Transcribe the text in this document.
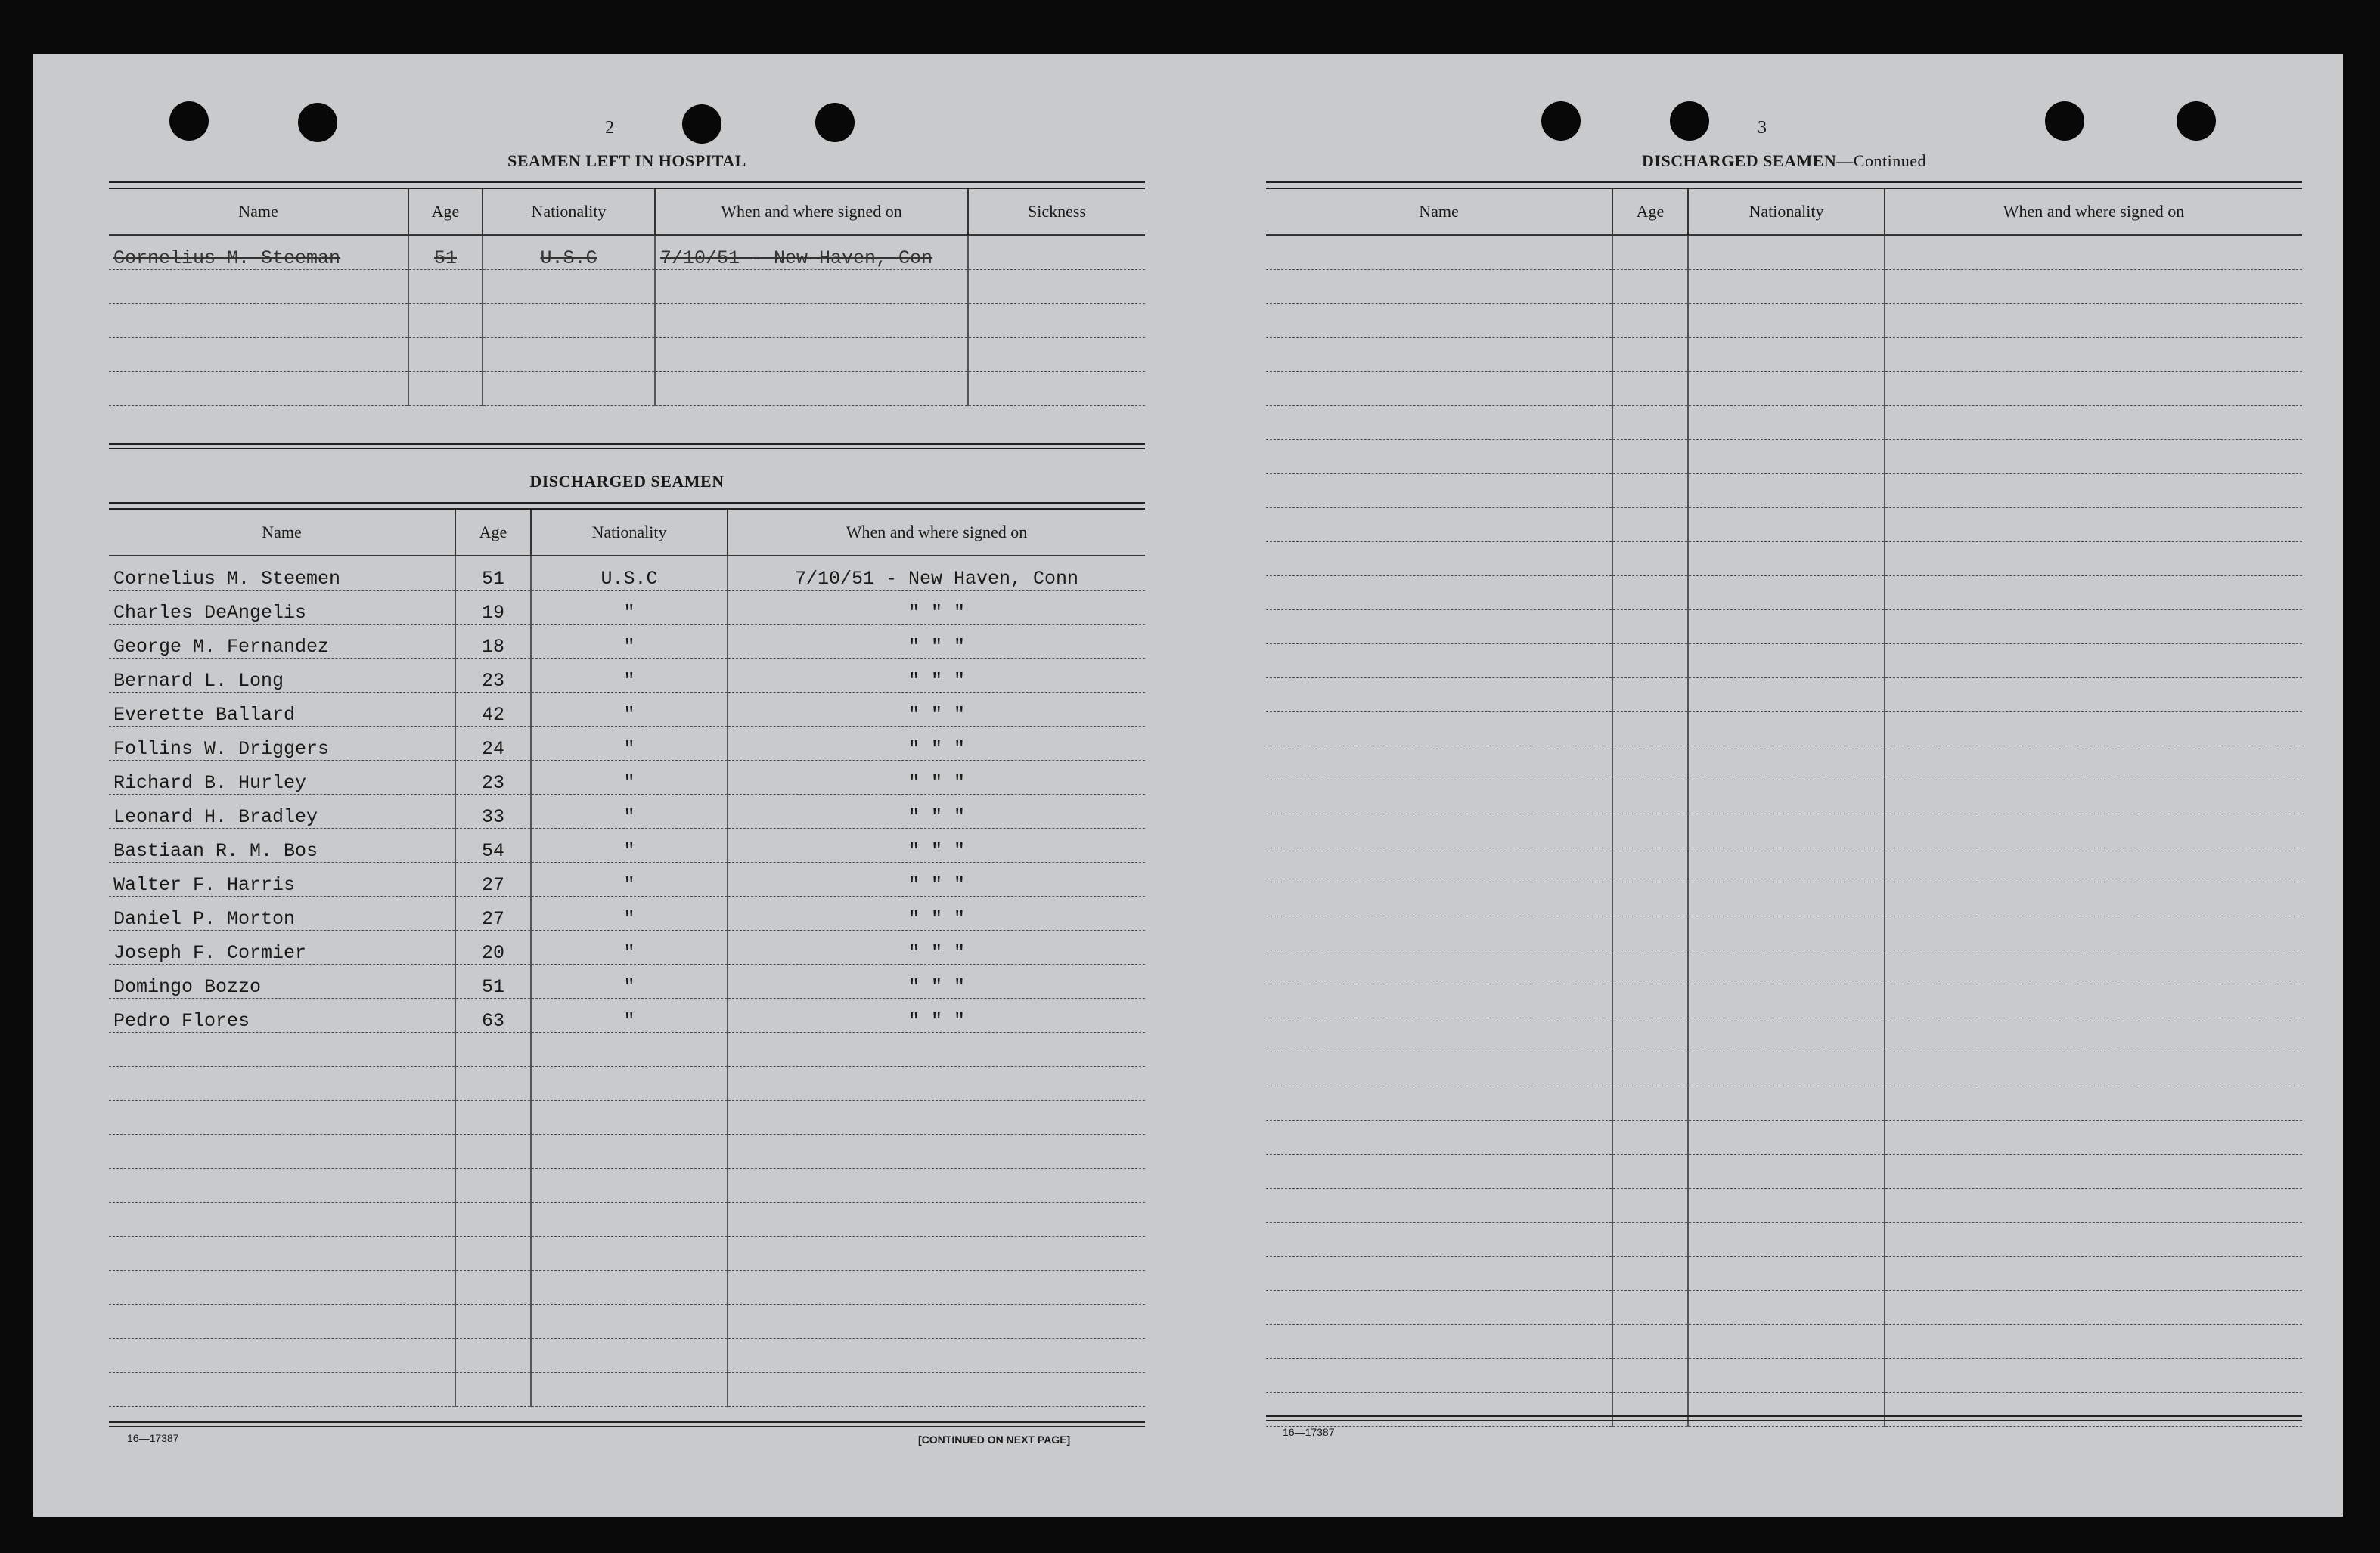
2
SEAMEN LEFT IN HOSPITAL
Name	Age	Nationality	When and where signed on	Sickness
Cornelius M. Steeman	51	U.S.C	7/10/51 - New Haven, Con	

DISCHARGED SEAMEN
Name	Age	Nationality	When and where signed on
Cornelius M. Steemen	51	U.S.C	7/10/51 - New Haven, Conn
Charles DeAngelis	19	"	" " "
George M. Fernandez	18	"	" " "
Bernard L. Long	23	"	" " "
Everette Ballard	42	"	" " "
Follins W. Driggers	24	"	" " "
Richard B. Hurley	23	"	" " "
Leonard H. Bradley	33	"	" " "
Bastiaan R. M. Bos	54	"	" " "
Walter F. Harris	27	"	" " "
Daniel P. Morton	27	"	" " "
Joseph F. Cormier	20	"	" " "
Domingo Bozzo	51	"	" " "
Pedro Flores	63	"	" " "

16—17387	[CONTINUED ON NEXT PAGE]
3
DISCHARGED SEAMEN—Continued
Name	Age	Nationality	When and where signed on

16—17387
